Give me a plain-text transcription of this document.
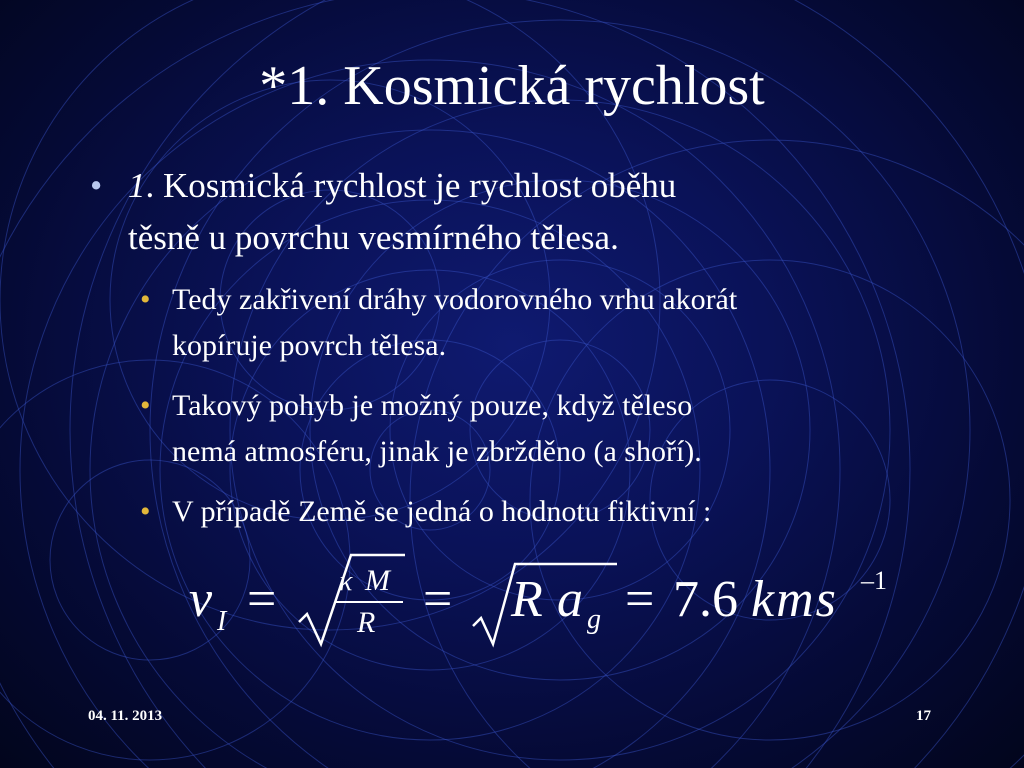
*1. Kosmická rychlost
• 1. Kosmická rychlost je rychlost oběhu
těsně u povrchu vesmírného tělesa.
• Tedy zakřivení dráhy vodorovného vrhu akorát
kopíruje povrch tělesa.
• Takový pohyb je možný pouze, když těleso
nemá atmosféru, jinak je zbržděno (a shoří).
• V případě Země se jedná o hodnotu fiktivní :
v I = κ M
R = R a g = 7.6 kms –1
04. 11. 2013	17
